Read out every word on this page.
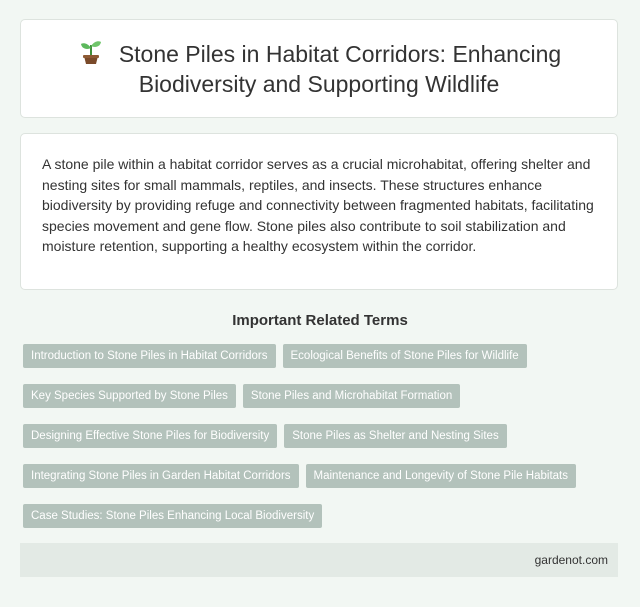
Stone Piles in Habitat Corridors: Enhancing Biodiversity and Supporting Wildlife

A stone pile within a habitat corridor serves as a crucial microhabitat, offering shelter and nesting sites for small mammals, reptiles, and insects. These structures enhance biodiversity by providing refuge and connectivity between fragmented habitats, facilitating species movement and gene flow. Stone piles also contribute to soil stabilization and moisture retention, supporting a healthy ecosystem within the corridor.

Important Related Terms
Introduction to Stone Piles in Habitat Corridors	Ecological Benefits of Stone Piles for Wildlife
Key Species Supported by Stone Piles	Stone Piles and Microhabitat Formation
Designing Effective Stone Piles for Biodiversity	Stone Piles as Shelter and Nesting Sites
Integrating Stone Piles in Garden Habitat Corridors	Maintenance and Longevity of Stone Pile Habitats
Case Studies: Stone Piles Enhancing Local Biodiversity
gardenot.com
